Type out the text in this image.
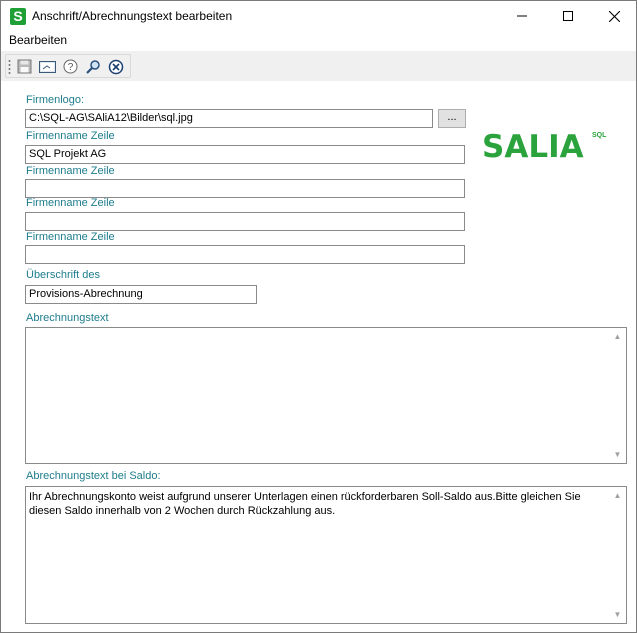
S Anschrift/Abrechnungstext bearbeiten
Bearbeiten
?
Firmenlogo:
C:\SQL-AG\SAliA12\Bilder\sql.jpg	...
SALIA SQL
Firmenname Zeile
SQL Projekt AG
Firmenname Zeile
Firmenname Zeile
Firmenname Zeile
Überschrift des
Provisions-Abrechnung
Abrechnungstext
▲
▼
Abrechnungstext bei Saldo:
Ihr Abrechnungskonto weist aufgrund unserer Unterlagen einen rückforderbaren Soll-Saldo aus.Bitte gleichen Sie diesen Saldo innerhalb von 2 Wochen durch Rückzahlung aus.
▲
▼
